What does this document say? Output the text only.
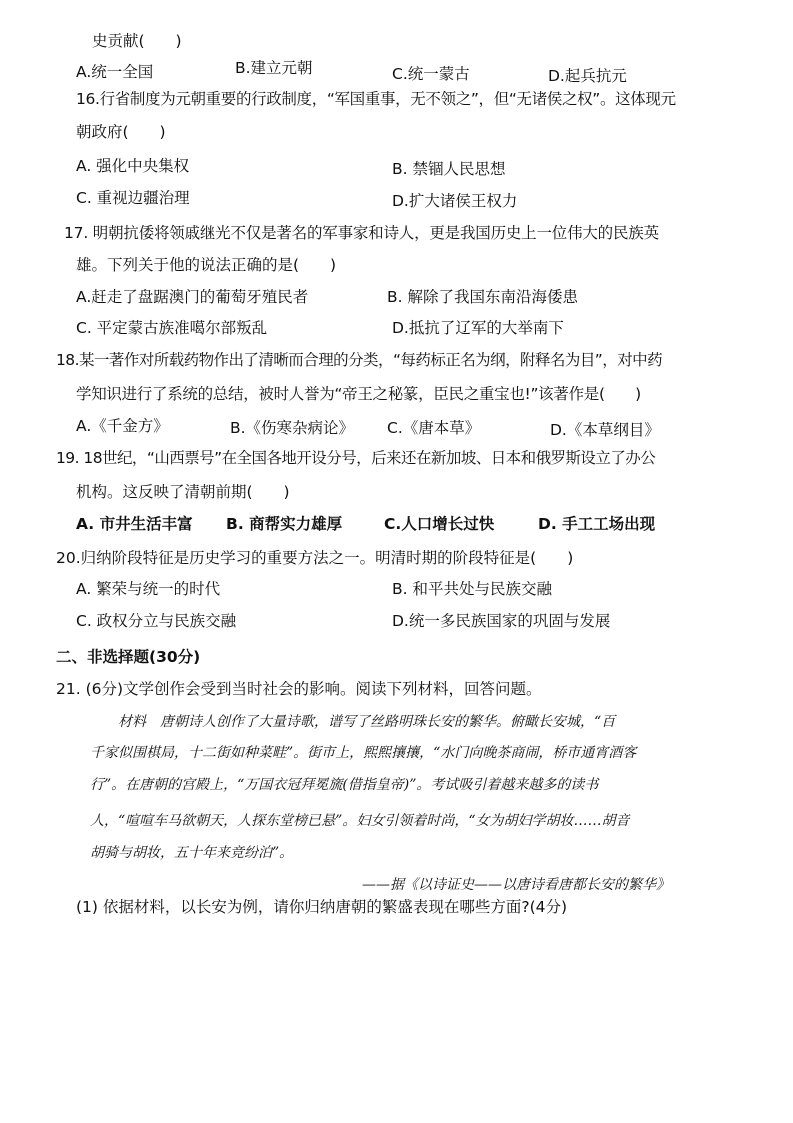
史贡献(　　)
A.统一全国	B.建立元朝	C.统一蒙古	D.起兵抗元
16.行省制度为元朝重要的行政制度，“军国重事，无不领之”，但“无诸侯之权”。这体现元
朝政府(　　)
A. 强化中央集权	B. 禁锢人民思想
C. 重视边疆治理	D.扩大诸侯王权力
17. 明朝抗倭将领戚继光不仅是著名的军事家和诗人，更是我国历史上一位伟大的民族英
雄。下列关于他的说法正确的是(　　)
A.赶走了盘踞澳门的葡萄牙殖民者	B. 解除了我国东南沿海倭患
C. 平定蒙古族准噶尔部叛乱	D.抵抗了辽军的大举南下
18.某一著作对所载药物作出了清晰而合理的分类，“每药标正名为纲，附释名为目”，对中药
学知识进行了系统的总结，被时人誉为“帝王之秘篆，臣民之重宝也!”该著作是(　　)
A.《千金方》	B.《伤寒杂病论》 C.《唐本草》	D.《本草纲目》
19. 18世纪，“山西票号”在全国各地开设分号，后来还在新加坡、日本和俄罗斯设立了办公
机构。这反映了清朝前期(　　)
A. 市井生活丰富 B. 商帮实力雄厚	C.人口增长过快	D. 手工工场出现
20.归纳阶段特征是历史学习的重要方法之一。明清时期的阶段特征是(　　)
A. 繁荣与统一的时代	B. 和平共处与民族交融
C. 政权分立与民族交融	D.统一多民族国家的巩固与发展
二、非选择题(30分)
21. (6分)文学创作会受到当时社会的影响。阅读下列材料，回答问题。
材料　唐朝诗人创作了大量诗歌，谱写了丝路明珠长安的繁华。俯瞰长安城，“百
千家似围棋局，十二街如种菜畦”。街市上，熙熙攘攘，“水门向晚茶商闹，桥市通宵酒客
行”。在唐朝的宫殿上，“万国衣冠拜冕旒(借指皇帝)”。考试吸引着越来越多的读书
人，“喧喧车马欲朝天，人探东堂榜已悬”。妇女引领着时尚，“女为胡妇学胡妆……胡音
胡骑与胡妆，五十年来竞纷泊”。
——据《以诗证史——以唐诗看唐都长安的繁华》
(1) 依据材料，以长安为例，请你归纳唐朝的繁盛表现在哪些方面?(4分)
